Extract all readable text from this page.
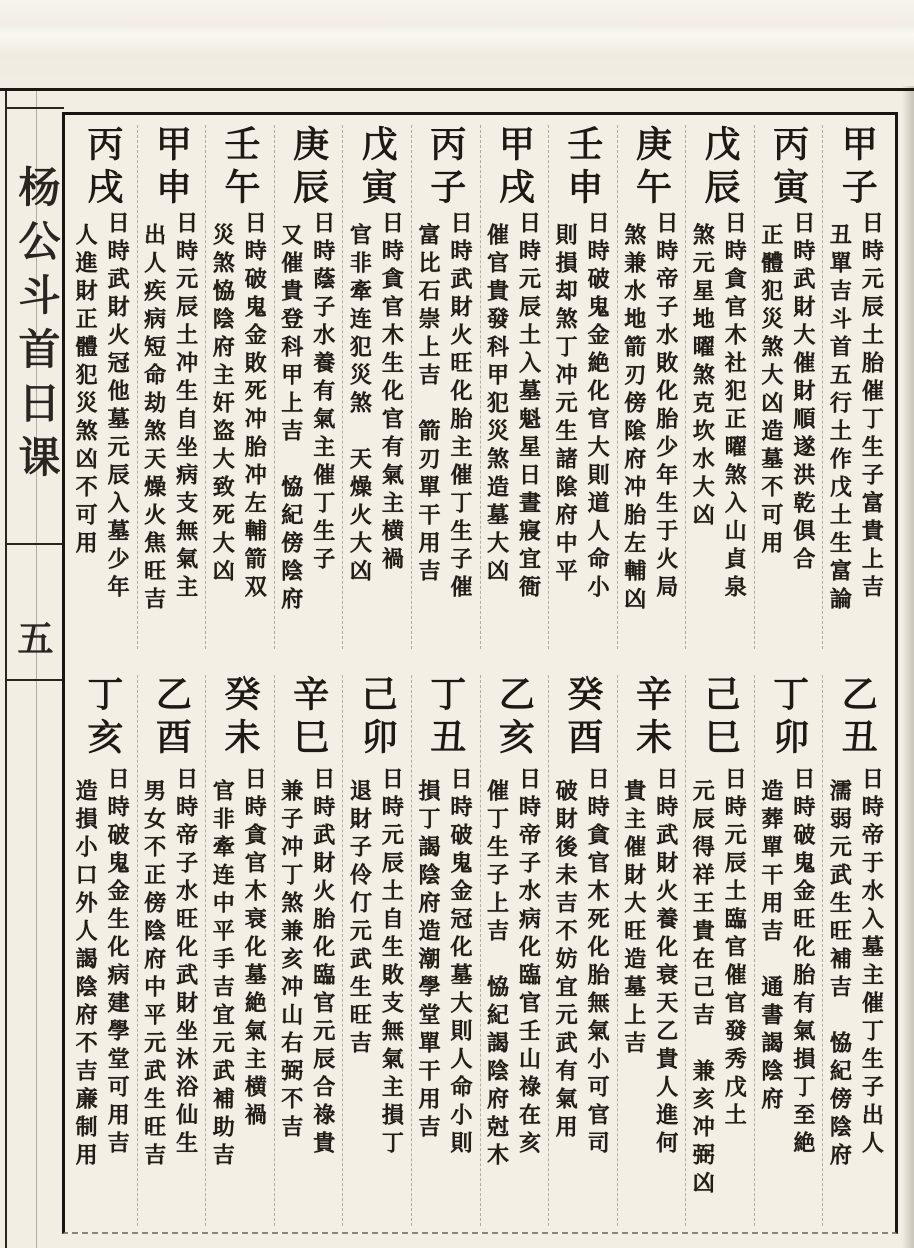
杨公斗首日课
五
甲子
日時元辰土胎催丁生子富貴上吉
丑單吉斗首五行土作戊土生富論
丙寅
日時武財大催財順遂洪乾俱合
正體犯災煞大凶造墓不可用
戊辰
日時貪官木社犯正曜煞入山貞泉
煞元星地曜煞克坎水大凶
庚午
日時帝子水敗化胎少年生于火局
煞兼水地箭刃傍隂府冲胎左輔凶
壬申
日時破鬼金絶化官大則道人命小
則損却煞丁冲元生諸隂府中平
甲戌
日時元辰土入墓魁星日晝寢宜衙
催官貴發科甲犯災煞造墓大凶
丙子
日時武財火旺化胎主催丁生子催
富比石崇上吉　箭刃單干用吉
戊寅
日時貪官木生化官有氣主横禍
官非牽连犯災煞　天燥火大凶
庚辰
日時蔭子水養有氣主催丁生子
又催貴登科甲上吉　恊紀傍陰府
壬午
日時破鬼金敗死冲胎冲左輔箭双
災煞恊陰府主奸盗大致死大凶
甲申
日時元辰土冲生自坐病支無氣主
出人疾病短命劫煞天燥火焦旺吉
丙戌
日時武財火冠他墓元辰入墓少年
人進財正體犯災煞凶不可用
乙丑
日時帝于水入墓主催丁生子出人
濡弱元武生旺補吉　恊紀傍陰府
丁卯
日時破鬼金旺化胎有氣損丁至絶
造葬單干用吉　通書謁陰府
己巳
日時元辰土臨官催官發秀戊土
元辰得祥王貴在己吉　兼亥冲弼凶
辛未
日時武財火養化衰天乙貴人進何
貴主催財大旺造墓上吉
癸酉
日時貪官木死化胎無氣小可官司
破財後未吉不妨宜元武有氣用
乙亥
日時帝子水病化臨官壬山祿在亥
催丁生子上吉　恊紀謁陰府尅木
丁丑
日時破鬼金冠化墓大則人命小則
損丁謁陰府造潮學堂單干用吉
己卯
日時元辰土自生敗支無氣主損丁
退財子伶仃元武生旺吉
辛巳
日時武財火胎化臨官元辰合祿貴
兼子冲丁煞兼亥冲山右弼不吉
癸未
日時貪官木衰化墓絶氣主横禍
官非牽连中平手吉宜元武補助吉
乙酉
日時帝子水旺化武財坐沐浴仙生
男女不正傍陰府中平元武生旺吉
丁亥
日時破鬼金生化病建學堂可用吉
造損小口外人謁陰府不吉亷制用
